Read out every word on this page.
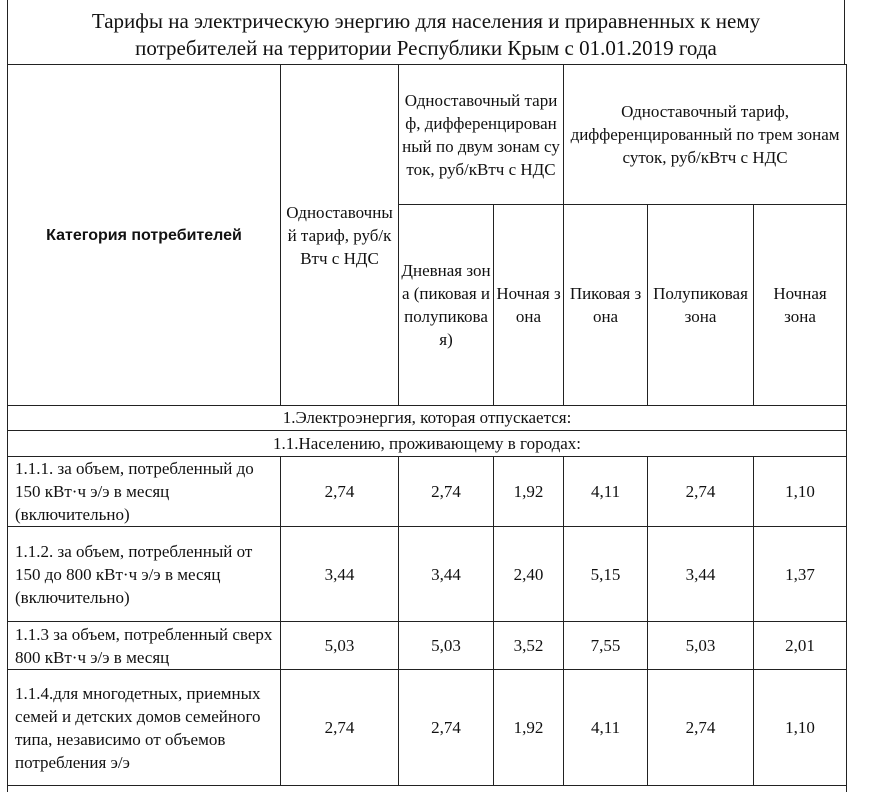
Тарифы на электрическую энергию для населения и приравненных к нему
потребителей на территории Республики Крым с 01.01.2019 года
Категория потребителей	Одноставочный тариф, руб/кВтч с НДС	Одноставочный тариф, дифференцированный по двум зонам суток, руб/кВтч с НДС		Одноставочный тариф, дифференцированный по трем зонам суток, руб/кВтч с НДС		
		Дневная зона (пиковая и полупиковая)	Ночная зона	Пиковая зона	Полупиковая зона	Ночная зона
1.Электроэнергия, которая отпускается:						
1.1.Населению, проживающему в городах:						
1.1.1. за объем, потребленный до 150 кВт·ч э/э в месяц (включительно)	2,74	2,74	1,92	4,11	2,74	1,10
1.1.2. за объем, потребленный от 150 до 800 кВт·ч э/э в месяц (включительно)	3,44	3,44	2,40	5,15	3,44	1,37
1.1.3 за объем, потребленный сверх 800 кВт·ч э/э в месяц	5,03	5,03	3,52	7,55	5,03	2,01
1.1.4.для многодетных, приемных семей и детских домов семейного типа, независимо от объемов потребления э/э	2,74	2,74	1,92	4,11	2,74	1,10
